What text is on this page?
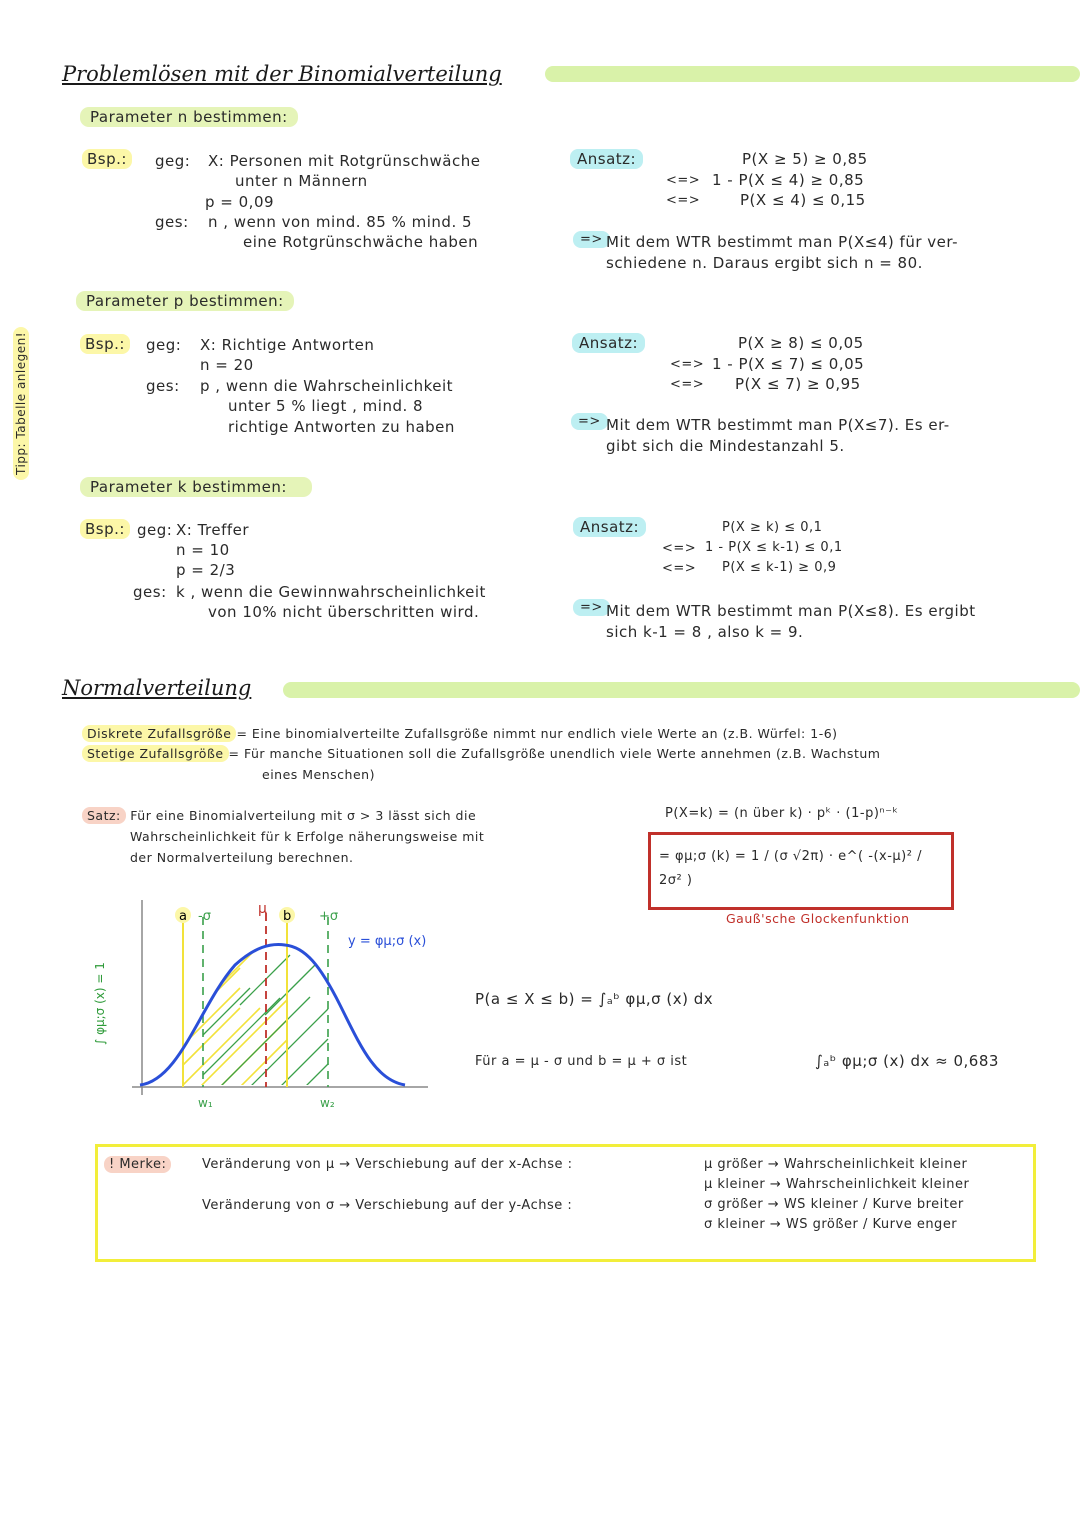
Problemlösen mit der Binomialverteilung
Tipp: Tabelle anlegen!
Parameter n bestimmen:
Bsp.:	geg: X: Personen mit Rotgrünschwäche
unter n Männern
p = 0,09
ges: n , wenn von mind. 85 % mind. 5
eine Rotgrünschwäche haben
Ansatz:	P(X ≥ 5) ≥ 0,85
<=> 1 - P(X ≤ 4) ≥ 0,85
<=>	P(X ≤ 4) ≤ 0,15
=> Mit dem WTR bestimmt man P(X≤4) für ver-
schiedene n. Daraus ergibt sich n = 80.
Parameter p bestimmen:
Bsp.:	geg: X: Richtige Antworten
n = 20
ges: p , wenn die Wahrscheinlichkeit
unter 5 % liegt , mind. 8
richtige Antworten zu haben
Ansatz:	P(X ≥ 8) ≤ 0,05
<=> 1 - P(X ≤ 7) ≤ 0,05
<=> P(X ≤ 7) ≥ 0,95
=> Mit dem WTR bestimmt man P(X≤7). Es er-
gibt sich die Mindestanzahl 5.
Parameter k bestimmen:
Bsp.: geg: X: Treffer
n = 10
p = 2/3
ges: k , wenn die Gewinnwahrscheinlichkeit
von 10% nicht überschritten wird.
Ansatz:	P(X ≥ k) ≤ 0,1
<=> 1 - P(X ≤ k-1) ≤ 0,1
<=> P(X ≤ k-1) ≥ 0,9
=> Mit dem WTR bestimmt man P(X≤8). Es ergibt
sich k-1 = 8 , also k = 9.
Normalverteilung
Diskrete Zufallsgröße = Eine binomialverteilte Zufallsgröße nimmt nur endlich viele Werte an (z.B. Würfel: 1-6)
Stetige Zufallsgröße = Für manche Situationen soll die Zufallsgröße unendlich viele Werte annehmen (z.B. Wachstum
eines Menschen)
Satz: Für eine Binomialverteilung mit σ > 3 lässt sich die
Wahrscheinlichkeit für k Erfolge näherungsweise mit
der Normalverteilung berechnen.
P(X=k) = (n über k) · pᵏ · (1-p)ⁿ⁻ᵏ
= φμ;σ (k) = 1 / (σ √2π) · e^( -(x-μ)² / 2σ² )
Gauß'sche Glockenfunktion
a -σ	μ b +σ
y = φμ;σ (x)
w₁	w₂
∫ φμ;σ (x) = 1	P(a ≤ X ≤ b) = ∫ₐᵇ φμ,σ (x) dx
Für a = μ - σ und b = μ + σ ist	∫ₐᵇ φμ;σ (x) dx ≈ 0,683
! Merke:	Veränderung von μ → Verschiebung auf der x-Achse :
Veränderung von σ → Verschiebung auf der y-Achse :
μ größer → Wahrscheinlichkeit kleiner
μ kleiner → Wahrscheinlichkeit kleiner
σ größer → WS kleiner / Kurve breiter
σ kleiner → WS größer / Kurve enger
